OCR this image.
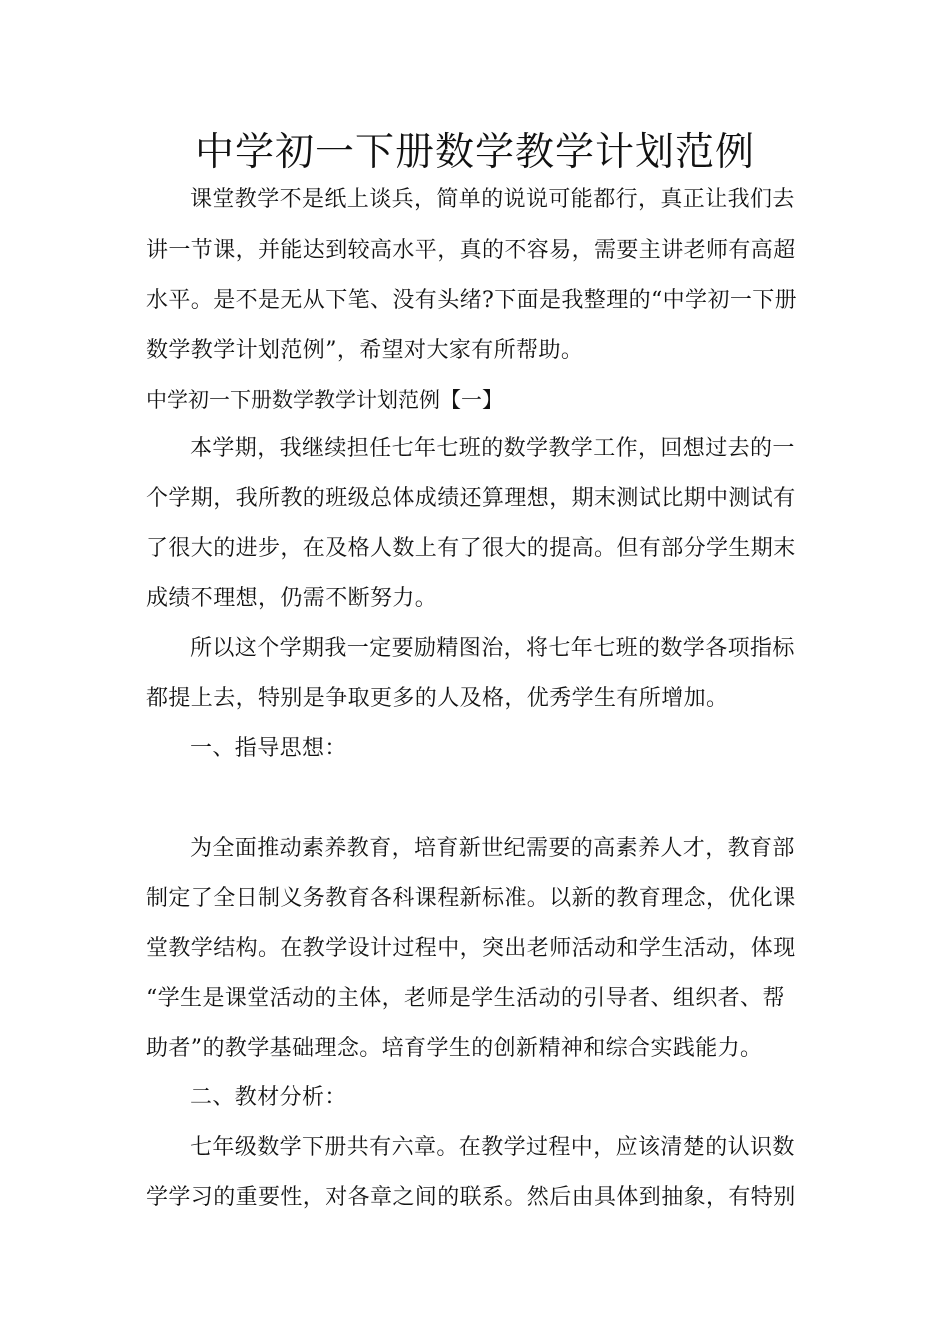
中学初一下册数学教学计划范例

课堂教学不是纸上谈兵，简单的说说可能都行，真正让我们去

讲一节课，并能达到较高水平，真的不容易，需要主讲老师有高超

水平。是不是无从下笔、没有头绪?下面是我整理的“中学初一下册

数学教学计划范例”，希望对大家有所帮助。

中学初一下册数学教学计划范例【一】

本学期，我继续担任七年七班的数学教学工作，回想过去的一

个学期，我所教的班级总体成绩还算理想，期末测试比期中测试有

了很大的进步，在及格人数上有了很大的提高。但有部分学生期末

成绩不理想，仍需不断努力。

所以这个学期我一定要励精图治，将七年七班的数学各项指标

都提上去，特别是争取更多的人及格，优秀学生有所增加。

一、指导思想：

为全面推动素养教育，培育新世纪需要的高素养人才，教育部

制定了全日制义务教育各科课程新标准。以新的教育理念，优化课

堂教学结构。在教学设计过程中，突出老师活动和学生活动，体现

“学生是课堂活动的主体，老师是学生活动的引导者、组织者、帮

助者”的教学基础理念。培育学生的创新精神和综合实践能力。

二、教材分析：

七年级数学下册共有六章。在教学过程中，应该清楚的认识数

学学习的重要性，对各章之间的联系。然后由具体到抽象，有特别
